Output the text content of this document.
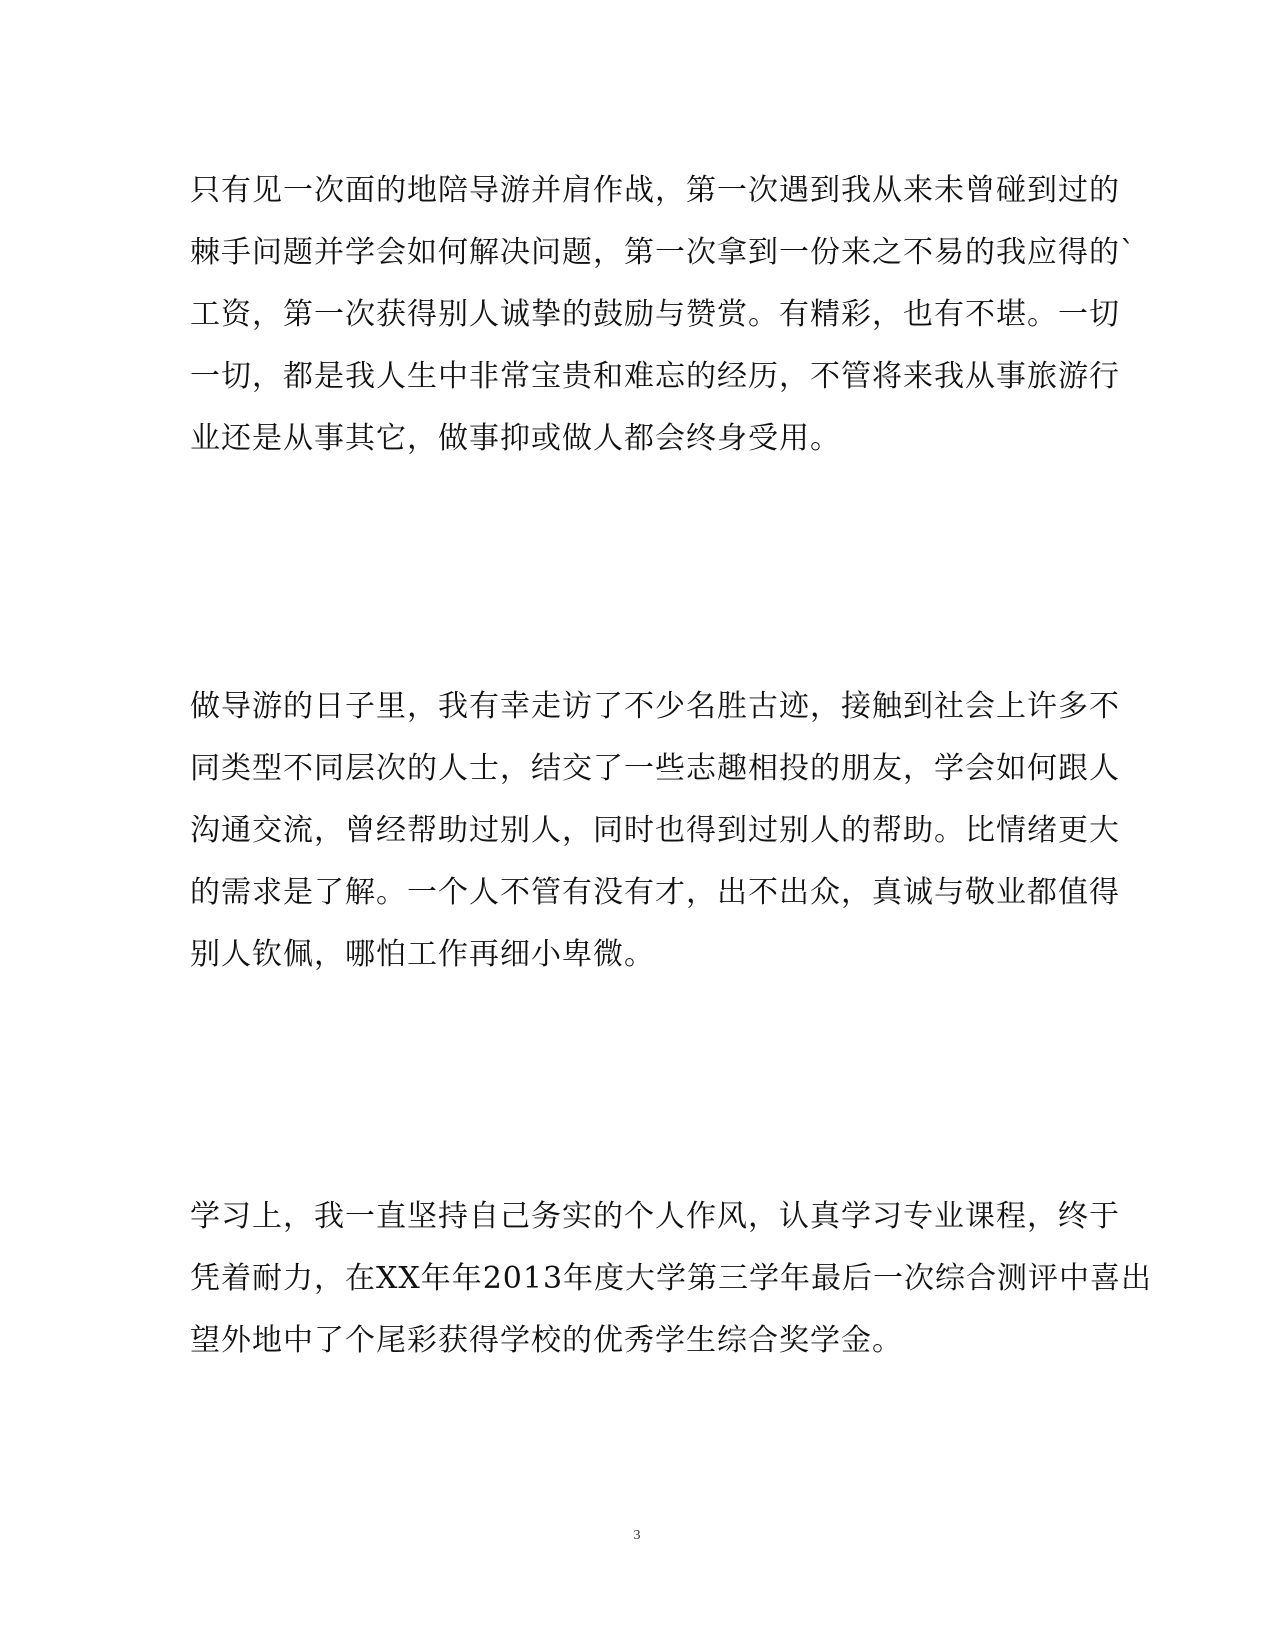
只有见一次面的地陪导游并肩作战，第一次遇到我从来未曾碰到过的
棘手问题并学会如何解决问题，第一次拿到一份来之不易的我应得的`
工资，第一次获得别人诚挚的鼓励与赞赏。有精彩，也有不堪。一切
一切，都是我人生中非常宝贵和难忘的经历，不管将来我从事旅游行
业还是从事其它，做事抑或做人都会终身受用。
做导游的日子里，我有幸走访了不少名胜古迹，接触到社会上许多不
同类型不同层次的人士，结交了一些志趣相投的朋友，学会如何跟人
沟通交流，曾经帮助过别人，同时也得到过别人的帮助。比情绪更大
的需求是了解。一个人不管有没有才，出不出众，真诚与敬业都值得
别人钦佩，哪怕工作再细小卑微。
学习上，我一直坚持自己务实的个人作风，认真学习专业课程，终于
凭着耐力，在XX年年2013年度大学第三学年最后一次综合测评中喜出
望外地中了个尾彩获得学校的优秀学生综合奖学金。
3
